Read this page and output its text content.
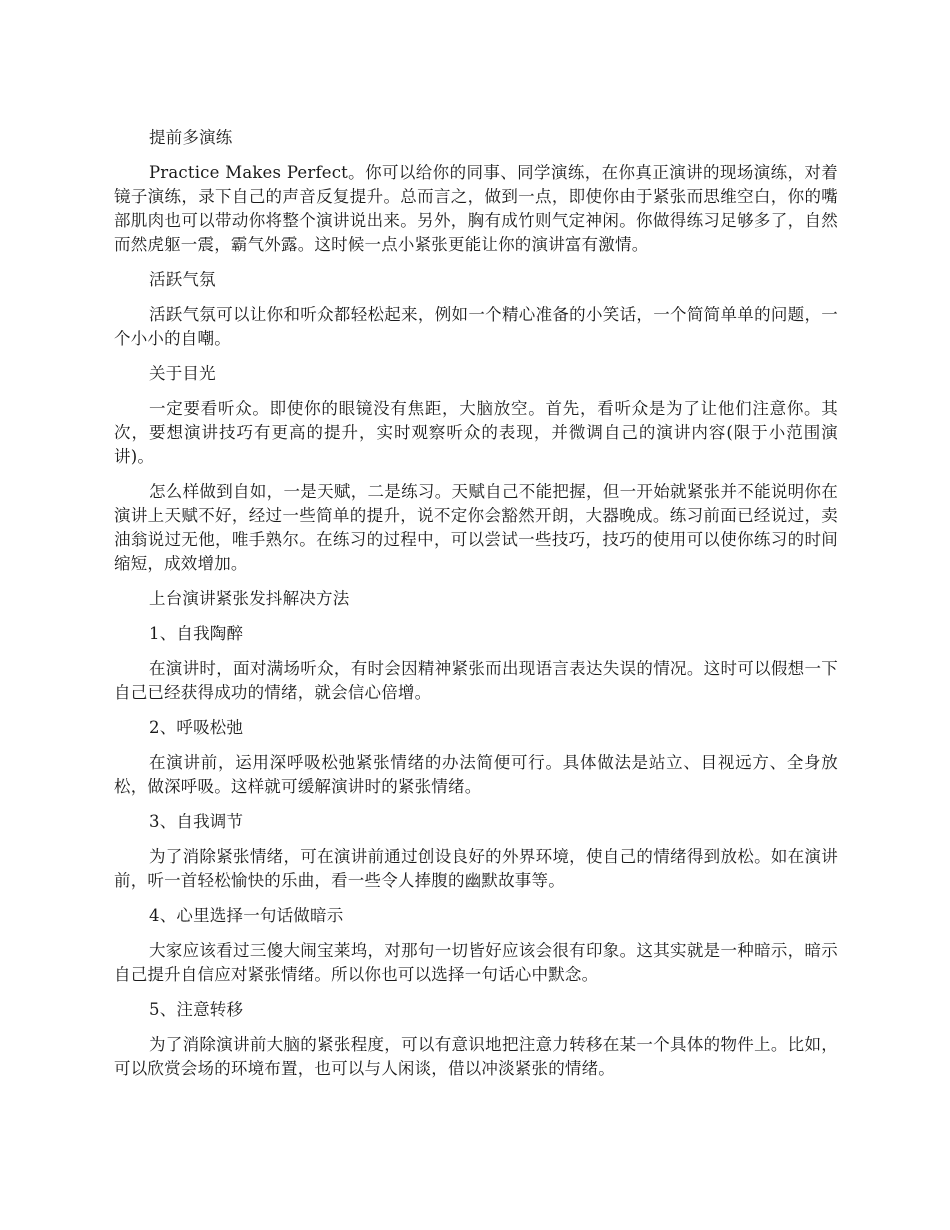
提前多演练

Practice Makes Perfect。你可以给你的同事、同学演练，在你真正演讲的现场演练，对着镜子演练，录下自己的声音反复提升。总而言之，做到一点，即使你由于紧张而思维空白，你的嘴部肌肉也可以带动你将整个演讲说出来。另外，胸有成竹则气定神闲。你做得练习足够多了，自然而然虎躯一震，霸气外露。这时候一点小紧张更能让你的演讲富有激情。

活跃气氛

活跃气氛可以让你和听众都轻松起来，例如一个精心准备的小笑话，一个简简单单的问题，一个小小的自嘲。

关于目光

一定要看听众。即使你的眼镜没有焦距，大脑放空。首先，看听众是为了让他们注意你。其次，要想演讲技巧有更高的提升，实时观察听众的表现，并微调自己的演讲内容(限于小范围演讲)。

怎么样做到自如，一是天赋，二是练习。天赋自己不能把握，但一开始就紧张并不能说明你在演讲上天赋不好，经过一些简单的提升，说不定你会豁然开朗，大器晚成。练习前面已经说过，卖油翁说过无他，唯手熟尔。在练习的过程中，可以尝试一些技巧，技巧的使用可以使你练习的时间缩短，成效增加。

上台演讲紧张发抖解决方法

1、自我陶醉

在演讲时，面对满场听众，有时会因精神紧张而出现语言表达失误的情况。这时可以假想一下自己已经获得成功的情绪，就会信心倍增。

2、呼吸松弛

在演讲前，运用深呼吸松弛紧张情绪的办法简便可行。具体做法是站立、目视远方、全身放松，做深呼吸。这样就可缓解演讲时的紧张情绪。

3、自我调节

为了消除紧张情绪，可在演讲前通过创设良好的外界环境，使自己的情绪得到放松。如在演讲前，听一首轻松愉快的乐曲，看一些令人捧腹的幽默故事等。

4、心里选择一句话做暗示

大家应该看过三傻大闹宝莱坞，对那句一切皆好应该会很有印象。这其实就是一种暗示，暗示自己提升自信应对紧张情绪。所以你也可以选择一句话心中默念。

5、注意转移

为了消除演讲前大脑的紧张程度，可以有意识地把注意力转移在某一个具体的物件上。比如，可以欣赏会场的环境布置，也可以与人闲谈，借以冲淡紧张的情绪。
